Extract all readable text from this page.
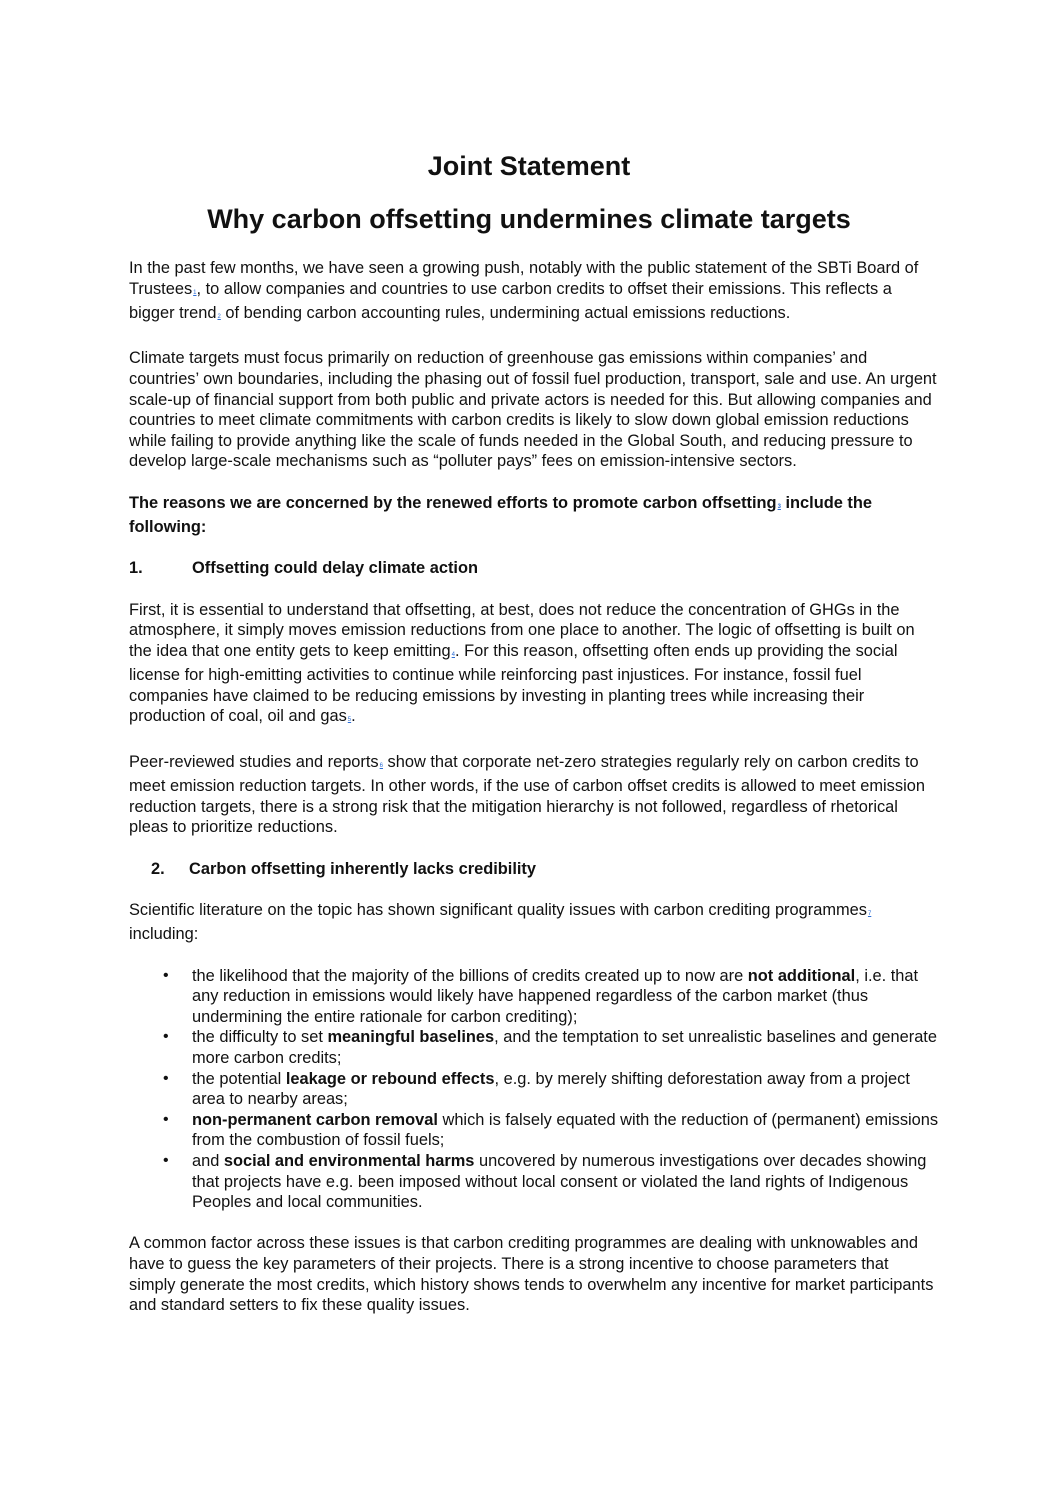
Joint Statement
Why carbon offsetting undermines climate targets

In the past few months, we have seen a growing push, notably with the public statement of the SBTi Board of Trustees1, to allow companies and countries to use carbon credits to offset their emissions. This reflects a bigger trend2 of bending carbon accounting rules, undermining actual emissions reductions.

Climate targets must focus primarily on reduction of greenhouse gas emissions within companies’ and countries’ own boundaries, including the phasing out of fossil fuel production, transport, sale and use. An urgent scale-up of financial support from both public and private actors is needed for this. But allowing companies and countries to meet climate commitments with carbon credits is likely to slow down global emission reductions while failing to provide anything like the scale of funds needed in the Global South, and reducing pressure to develop large-scale mechanisms such as “polluter pays” fees on emission-intensive sectors.

The reasons we are concerned by the renewed efforts to promote carbon offsetting3 include the following:

1.	Offsetting could delay climate action

First, it is essential to understand that offsetting, at best, does not reduce the concentration of GHGs in the atmosphere, it simply moves emission reductions from one place to another. The logic of offsetting is built on the idea that one entity gets to keep emitting4. For this reason, offsetting often ends up providing the social license for high-emitting activities to continue while reinforcing past injustices. For instance, fossil fuel companies have claimed to be reducing emissions by investing in planting trees while increasing their production of coal, oil and gas5.

Peer-reviewed studies and reports6 show that corporate net-zero strategies regularly rely on carbon credits to meet emission reduction targets. In other words, if the use of carbon offset credits is allowed to meet emission reduction targets, there is a strong risk that the mitigation hierarchy is not followed, regardless of rhetorical pleas to prioritize reductions.

2.	Carbon offsetting inherently lacks credibility

Scientific literature on the topic has shown significant quality issues with carbon crediting programmes7 including:

• the likelihood that the majority of the billions of credits created up to now are not additional, i.e. that any reduction in emissions would likely have happened regardless of the carbon market (thus undermining the entire rationale for carbon crediting);
• the difficulty to set meaningful baselines, and the temptation to set unrealistic baselines and generate more carbon credits;
• the potential leakage or rebound effects, e.g. by merely shifting deforestation away from a project area to nearby areas;
• non-permanent carbon removal which is falsely equated with the reduction of (permanent) emissions from the combustion of fossil fuels;
• and social and environmental harms uncovered by numerous investigations over decades showing that projects have e.g. been imposed without local consent or violated the land rights of Indigenous Peoples and local communities.

A common factor across these issues is that carbon crediting programmes are dealing with unknowables and have to guess the key parameters of their projects. There is a strong incentive to choose parameters that simply generate the most credits, which history shows tends to overwhelm any incentive for market participants and standard setters to fix these quality issues.
